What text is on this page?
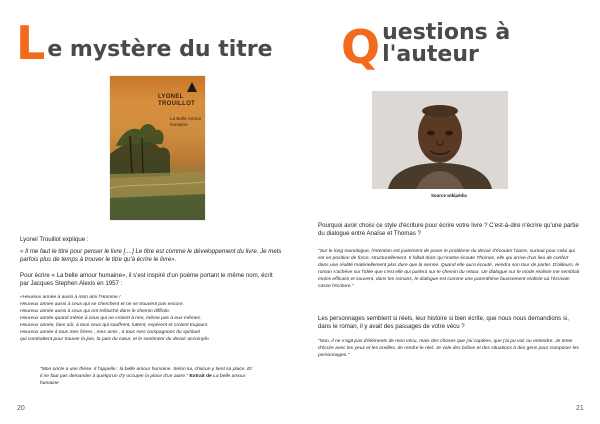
L e mystère du titre
LYONEL
TROUILLOT
La Belle Amour
humaine

Lyonel Trouillot explique :

« Il me faut le titre pour penser le livre [....] Le titre est comme le développement du livre. Je mets parfois plus de temps à trouver le titre qu'à écrire le livre».

Pour écrire « La belle amour humaine», il s'est inspiré d'un poème portant le même nom, écrit par Jacques Stephen Alexis en 1957 :

«Heureux année à aussi à mon ami l'Homme !

Heureux année aussi à ceux qui se cherchent et ne se trouvent pas encore.

Heureux année aussi à ceux qui ont trébuché dans le chemin difficile.

Heureux année quand même à ceux qui ne croient à rien, même pas à eux-mêmes.

Heureux année, bien sûr, à tous ceux qui souffrent, luttent, espèrent et croient toujours.

Heureux année à tous mes frères , mes amis , à tous mes compagnons du spirituel

qui combattent pour trouver la joie, la paix du cœur, et le sentiment du devoir accompli»

"Mon oncle a une thèse. Il l'appelle : la belle amour humaine. Selon lui, chacun y tient sa place. Et il ne faut pas demander à quelqu'un d'y occuper la place d'un autre." Extrait de La belle amour humaine
20
Q uestions à l'auteur
Source wikipédia

Pourquoi avoir choisi ce style d'écriture pour écrire votre livre ? C'est-à-dire n'écrire qu'une partie du dialogue entre Anaïse et Thomas ?

"Sur le long monologue, l'intention est justement de poser le problème du devoir d'écouter l'autre, surtout pour celui qui est en position de force, structurellement. Il fallait donc qu'Anaïse écoute Thomas, elle qui arrive d'un lieu de confort dans une réalité matériellement plus dure que la sienne. Quand elle aura écouté, viendra son tour de parler. D'ailleurs, le roman s'achève sur l'idée que c'est elle qui parlera sur le chemin du retour. Un dialogue sur le mode réaliste me semblait moins efficace et souvent, dans les romans, le dialogue est comme une parenthèse faussement réaliste où l'écrivain casse l'écriture."

Les personnages semblent si réels, leur histoire si bien écrite, que nous nous demandions si, dans le roman, il y avait des passages de votre vécu ?

"Non, il ne s'agit pas d'éléments de mon vécu, mais des choses que j'ai captées, que j'ai pu voir ou entendre. Je tente d'écrire avec les yeux et les oreilles, de rendre le réel. Je vole des bribes et des situations à des gens pour composer les personnages."

21
